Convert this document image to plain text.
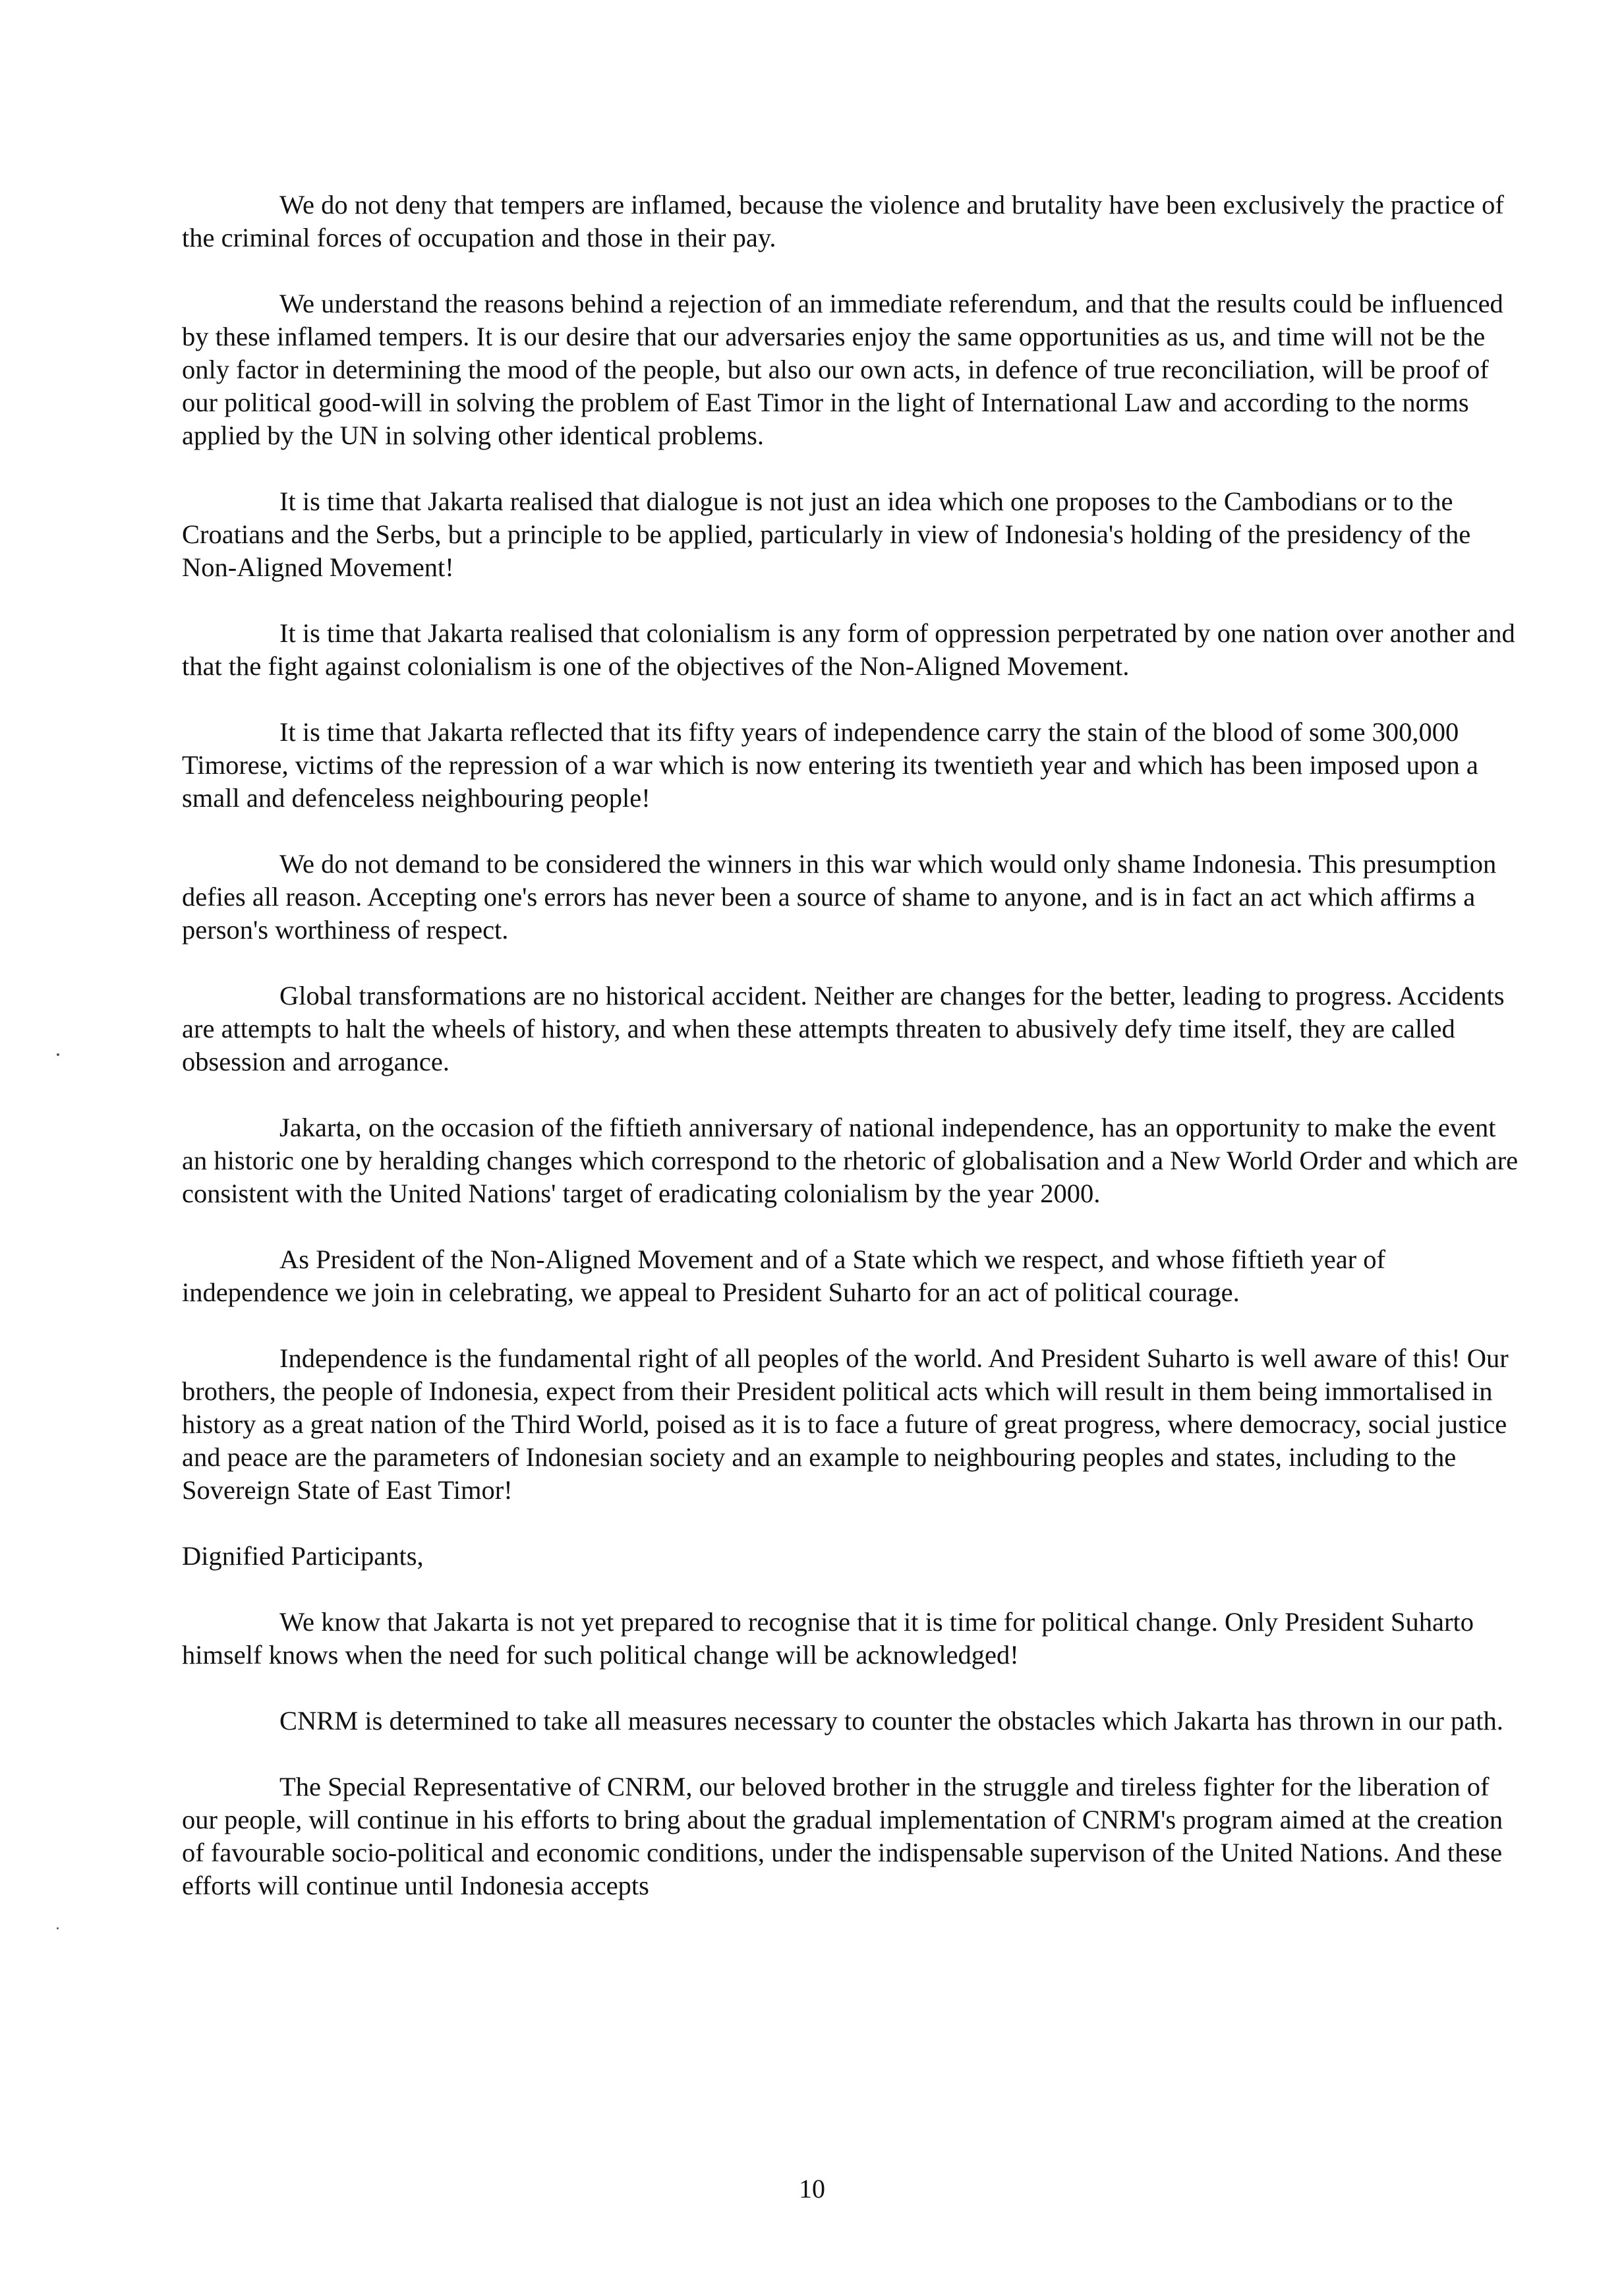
We do not deny that tempers are inflamed, because the violence and brutality have been exclusively the practice of the criminal forces of occupation and those in their pay.

We understand the reasons behind a rejection of an immediate referendum, and that the results could be influenced by these inflamed tempers. It is our desire that our adversaries enjoy the same opportunities as us, and time will not be the only factor in determining the mood of the people, but also our own acts, in defence of true reconciliation, will be proof of our political good-will in solving the problem of East Timor in the light of International Law and according to the norms applied by the UN in solving other identical problems.

It is time that Jakarta realised that dialogue is not just an idea which one proposes to the Cambodians or to the Croatians and the Serbs, but a principle to be applied, particularly in view of Indonesia's holding of the presidency of the Non-Aligned Movement!

It is time that Jakarta realised that colonialism is any form of oppression perpetrated by one nation over another and that the fight against colonialism is one of the objectives of the Non-Aligned Movement.

It is time that Jakarta reflected that its fifty years of independence carry the stain of the blood of some 300,000 Timorese, victims of the repression of a war which is now entering its twentieth year and which has been imposed upon a small and defenceless neighbouring people!

We do not demand to be considered the winners in this war which would only shame Indonesia. This presumption defies all reason. Accepting one's errors has never been a source of shame to anyone, and is in fact an act which affirms a person's worthiness of respect.

Global transformations are no historical accident. Neither are changes for the better, leading to progress. Accidents are attempts to halt the wheels of history, and when these attempts threaten to abusively defy time itself, they are called obsession and arrogance.

Jakarta, on the occasion of the fiftieth anniversary of national independence, has an opportunity to make the event an historic one by heralding changes which correspond to the rhetoric of globalisation and a New World Order and which are consistent with the United Nations' target of eradicating colonialism by the year 2000.

As President of the Non-Aligned Movement and of a State which we respect, and whose fiftieth year of independence we join in celebrating, we appeal to President Suharto for an act of political courage.

Independence is the fundamental right of all peoples of the world. And President Suharto is well aware of this! Our brothers, the people of Indonesia, expect from their President political acts which will result in them being immortalised in history as a great nation of the Third World, poised as it is to face a future of great progress, where democracy, social justice and peace are the parameters of Indonesian society and an example to neighbouring peoples and states, including to the Sovereign State of East Timor!

Dignified Participants,

We know that Jakarta is not yet prepared to recognise that it is time for political change. Only President Suharto himself knows when the need for such political change will be acknowledged!

CNRM is determined to take all measures necessary to counter the obstacles which Jakarta has thrown in our path.

The Special Representative of CNRM, our beloved brother in the struggle and tireless fighter for the liberation of our people, will continue in his efforts to bring about the gradual implementation of CNRM's program aimed at the creation of favourable socio-political and economic conditions, under the indispensable supervison of the United Nations. And these efforts will continue until Indonesia accepts

10
